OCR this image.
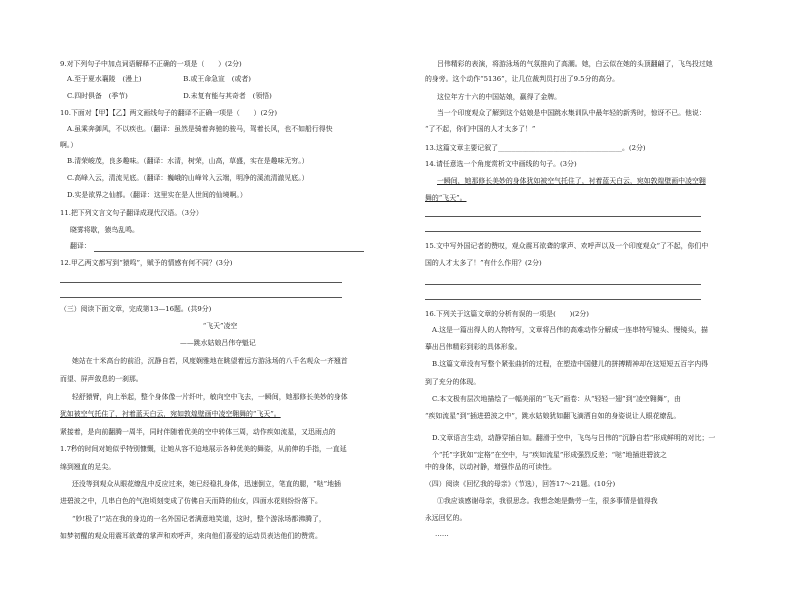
9.对下列句子中加点词语解释不正确的一项是（　　）(2分)
A.至于夏水襄陵　(漫上)	B.或王命急宣　(或者)
C.四时俱备　(季节)	D.未复有能与其奇者　(领悟)
10.下面对【甲】【乙】两文画线句子的翻译不正确一项是（　　）(2分)
A.虽乘奔御风，不以疾也。（翻译：虽然是骑着奔驰的骏马，驾着长风，也不如船行得快
啊。）
B.清荣峻茂，良多趣味。（翻译：水清，树荣，山高，草盛，实在是趣味无穷。）
C.高峰入云，清流见底。（翻译：巍峨的山峰耸入云端，明净的溪流清澈见底。）
D.实是欲界之仙都。（翻译：这里实在是人世间的仙境啊。）
11.把下列文言文句子翻译成现代汉语。（3分）
晓雾将歇，猿鸟乱鸣。
翻译：
12.甲乙两文都写到“猿鸣”，赋予的情感有何不同？(3分)
（三）阅读下面文章，完成第13—16题。(共9分)
“飞天”凌空
——跳水姑娘吕伟夺魁记
她站在十米高台的前沿，沉静自若，风度娴雅地在眺望着远方游泳场的八千名观众一齐翘首
而望、屏声敛息的一刹那。
轻舒猿臂，向上举起，整个身体像一片纤叶，敏向空中飞去，一瞬间，她那修长美妙的身体
犹如被空气托住了，衬着蓝天白云，宛如敦煌壁画中凌空翱舞的“飞天”。
紧接着，是向前翻腾一周半，同时伴随着优美的空中转体三周，动作疾如流星，又迅雨点的
1.7秒的时间对她似乎特别慷慨，让她从容不迫地展示各种优美的舞姿，从前伸的手指，一直延
绵到翘直的足尖。
还没等到观众从眼花缭乱中反应过来，她已经稳扎身体，迅速倒立，笔直的腿，“哒”地插
进碧波之中，几串白色的气泡顷刻变成了仿佛自天而降的仙女，四面水花则纷纷落下。
“妙!极了!”站在我的身边的一名外国记者满意地笑道，这时，整个游泳场都沸腾了，
如梦初醒的观众用震耳欲聋的掌声和欢呼声，来向他们喜爱的运动员表达他们的赞赏。
吕伟精彩的表演，将游泳场的气氛推向了高潮。她，白云似在她的头顶翻翩了，飞鸟投过她
的身旁。这个动作“5136”，让几位裁判员打出了9.5分的高分。
这位年方十六的中国姑娘，赢得了金牌。
当一个印度观众了解到这个姑娘是中国跳水集训队中最年轻的新秀时，惊讶不已。他说：
“了不起，你们中国的人才太多了！”
13.这篇文章主要记叙了____________________________________。(2分)
14.请任意选一个角度赏析文中画线的句子。(3分)
一瞬间，她那修长美妙的身体犹如被空气托住了，衬着蓝天白云，宛如敦煌壁画中凌空翱
舞的“飞天”。
15.文中写外国记者的赞叹，观众震耳欲聋的掌声、欢呼声以及一个印度观众“了不起，你们中
国的人才太多了！”有什么作用？(2分)
16.下列关于这篇文章的分析有误的一项是(　　)(2分)
A.这是一篇出得人的人物特写，文章将吕伟的高难动作分解成一连串特写镜头、慢镜头，描
摹出吕伟精彩到彩的具体形象。
B.这篇文章没有写整个紧张曲折的过程，在塑造中国健儿的拼搏精神却在这短短五百字内得
到了充分的体现。
C.本文极有层次地描绘了一幅美丽的“飞天”画卷：从“轻轻一翅”到“凌空翱舞”，由
“疾如流星”到“插进碧波之中”，跳水姑娘犹如翻飞滴洒自如的身姿说让人眼花缭乱。
D.文章语言生动，动静穿插自如。翻滑于空中，飞鸟与吕伟的“沉静自若”形成鲜明的对比；一个“托”字犹如“定格”在空中，与“疾如流星”形成强烈反差；“哒”地插进碧波之
中的身体，以动衬静，增强作品的可读性。
（四）阅读《回忆我的母亲》（节选），回答17～21题。(10分)
①我应该感谢母亲，我很思念。我想念她是勤劳一生，很多事情是值得我
永远回忆的。
……
